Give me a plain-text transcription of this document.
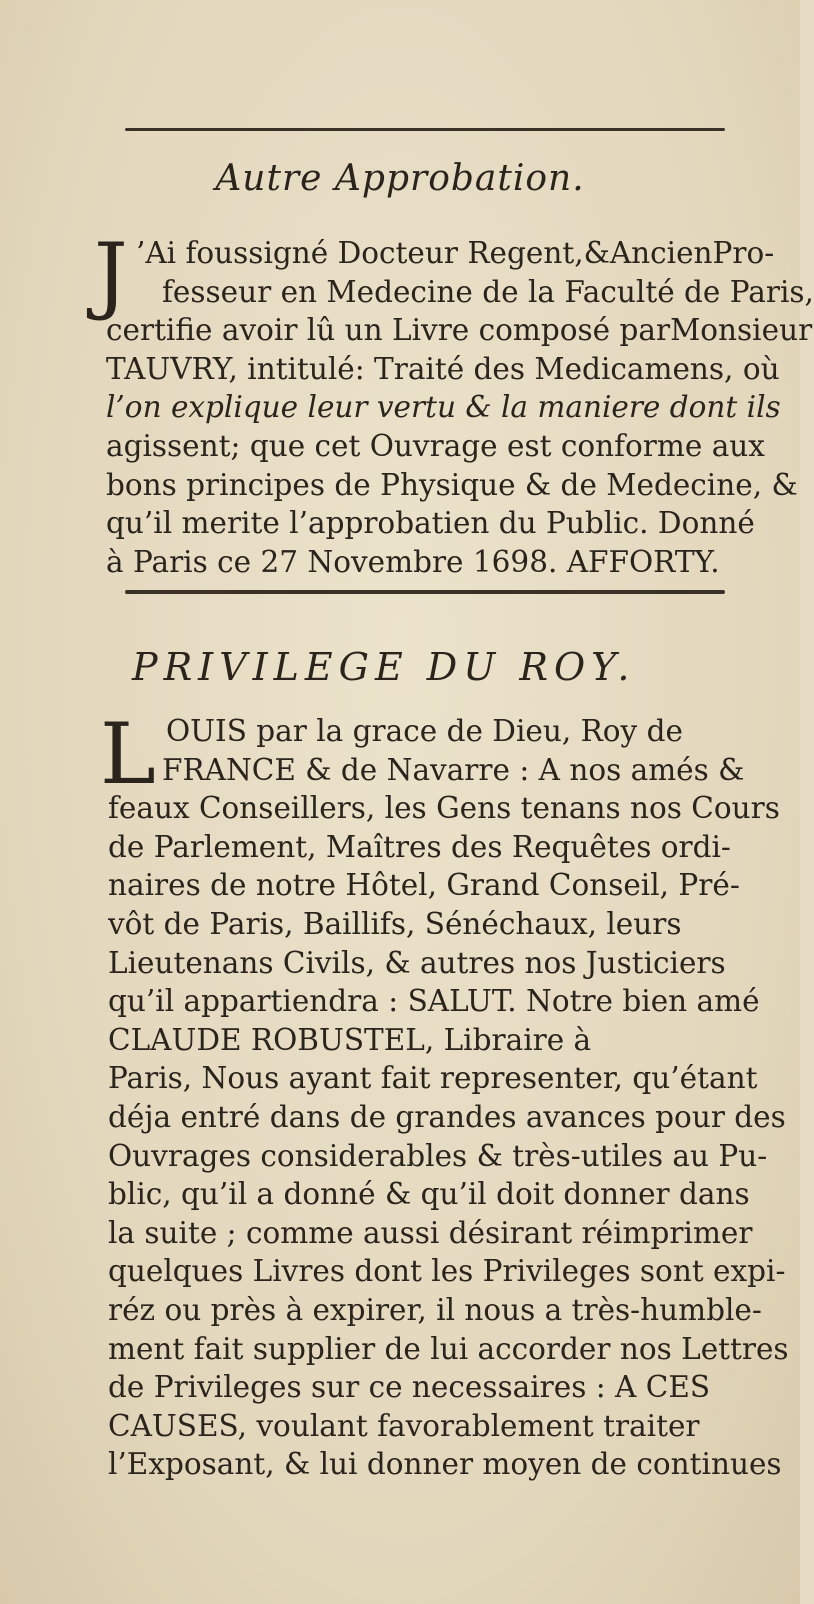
Autre Approbation.
J ’Ai foussigné Docteur Regent,&AncienPro-
fesseur en Medecine de la Faculté de Paris,
certifie avoir lû un Livre composé parMonsieur
TAUVRY, intitulé: Traité des Medicamens, où
l’on explique leur vertu & la maniere dont ils
agissent; que cet Ouvrage est conforme aux
bons principes de Physique & de Medecine, &
qu’il merite l’approbatien du Public. Donné
à Paris ce 27 Novembre 1698. AFFORTY.
PRIVILEGE DU ROY.
L OUIS par la grace de Dieu, Roy de
FRANCE & de Navarre : A nos amés &
feaux Conseillers, les Gens tenans nos Cours
de Parlement, Maîtres des Requêtes ordi-
naires de notre Hôtel, Grand Conseil, Pré-
vôt de Paris, Baillifs, Sénéchaux, leurs
Lieutenans Civils, & autres nos Justiciers
qu’il appartiendra : SALUT. Notre bien amé
CLAUDE ROBUSTEL, Libraire à
Paris, Nous ayant fait representer, qu’étant
déja entré dans de grandes avances pour des
Ouvrages considerables & très-utiles au Pu-
blic, qu’il a donné & qu’il doit donner dans
la suite ; comme aussi désirant réimprimer
quelques Livres dont les Privileges sont expi-
réz ou près à expirer, il nous a très-humble-
ment fait supplier de lui accorder nos Lettres
de Privileges sur ce necessaires : A CES
CAUSES, voulant favorablement traiter
l’Exposant, & lui donner moyen de continues
